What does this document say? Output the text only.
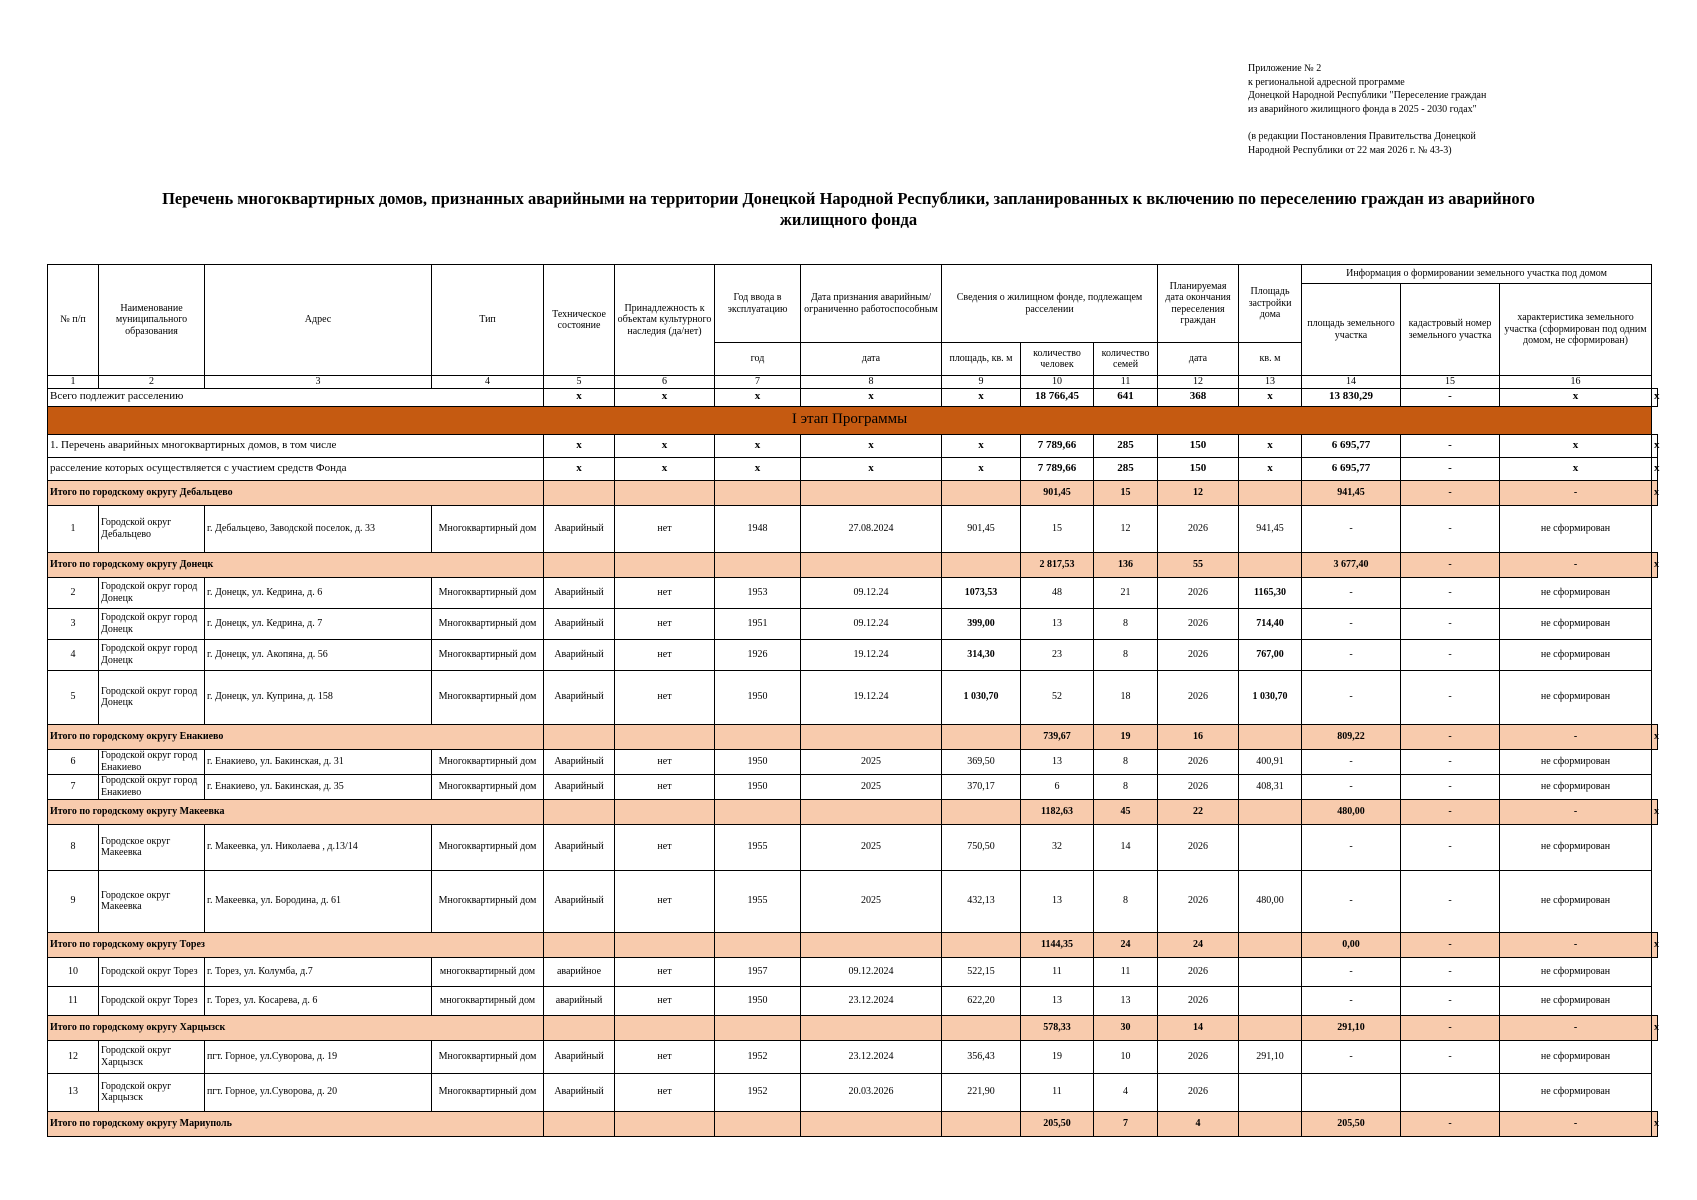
Приложение № 2
к региональной адресной программе
Донецкой Народной Республики "Переселение граждан
из аварийного жилищного фонда в 2025 - 2030 годах"
(в редакции Постановления Правительства Донецкой
Народной Республики от 22 мая 2026 г. № 43-3)
Перечень многоквартирных домов, признанных аварийными на территории Донецкой Народной Республики, запланированных к включению по переселению граждан из аварийного
жилищного фонда
№ п/п	Наименование муниципального образования	Адрес	Тип	Техническое состояние	Принадлежность к объектам культурного наследия (да/нет)	Год ввода в эксплуатацию	Дата признания аварийным/ограниченно работоспособным	Сведения о жилищном фонде, подлежащем расселении			Планируемая дата окончания переселения граждан	Площадь застройки дома	Информация о формировании земельного участка под домом			
													площадь земельного участка	кадастровый номер земельного участка	характеристика земельного участка (сформирован под одним домом, не сформирован)	
						год	дата	площадь, кв. м	количество человек	количество семей	дата	кв. м				
1	2	3	4	5	6	7	8	9	10	11	12	13	14	15	16	
Всего подлежит расселению				x	x	x	x	x	18 766,45	641	368	x	13 830,29	-	x	x
I этап Программы																
1. Перечень аварийных многоквартирных домов, в том числе				x	x	x	x	x	7 789,66	285	150	x	6 695,77	-	x	x
расселение которых осуществляется с участием средств Фонда				x	x	x	x	x	7 789,66	285	150	x	6 695,77	-	x	x
Итого по городскому округу Дебальцево									901,45	15	12		941,45	-	-	x
1	Городской округ Дебальцево	г. Дебальцево, Заводской поселок, д. 33	Многоквартирный дом	Аварийный	нет	1948	27.08.2024	901,45	15	12	2026	941,45	-	-	не сформирован	
Итого по городскому округу Донецк									2 817,53	136	55		3 677,40	-	-	x
2	Городской округ город Донецк	г. Донецк, ул. Кедрина, д. 6	Многоквартирный дом	Аварийный	нет	1953	09.12.24	1073,53	48	21	2026	1165,30	-	-	не сформирован	
3	Городской округ город Донецк	г. Донецк, ул. Кедрина, д. 7	Многоквартирный дом	Аварийный	нет	1951	09.12.24	399,00	13	8	2026	714,40	-	-	не сформирован	
4	Городской округ город Донецк	г. Донецк, ул. Акопяна, д. 56	Многоквартирный дом	Аварийный	нет	1926	19.12.24	314,30	23	8	2026	767,00	-	-	не сформирован	
5	Городской округ город Донецк	г. Донецк, ул. Куприна, д. 158	Многоквартирный дом	Аварийный	нет	1950	19.12.24	1 030,70	52	18	2026	1 030,70	-	-	не сформирован	
Итого по городскому округу Енакиево									739,67	19	16		809,22	-	-	x
6	Городской округ город Енакиево	г. Енакиево, ул. Бакинская, д. 31	Многоквартирный дом	Аварийный	нет	1950	2025	369,50	13	8	2026	400,91	-	-	не сформирован	
7	Городской округ город Енакиево	г. Енакиево, ул. Бакинская, д. 35	Многоквартирный дом	Аварийный	нет	1950	2025	370,17	6	8	2026	408,31	-	-	не сформирован	
Итого по городскому округу Макеевка									1182,63	45	22		480,00	-	-	x
8	Городское округ Макеевка	г. Макеевка, ул. Николаева , д.13/14	Многоквартирный дом	Аварийный	нет	1955	2025	750,50	32	14	2026		-	-	не сформирован	
9	Городское округ Макеевка	г. Макеевка, ул. Бородина, д. 61	Многоквартирный дом	Аварийный	нет	1955	2025	432,13	13	8	2026	480,00	-	-	не сформирован	
Итого по городскому округу Торез									1144,35	24	24		0,00	-	-	x
10	Городской округ Торез	г. Торез, ул. Колумба, д.7	многоквартирный дом	аварийное	нет	1957	09.12.2024	522,15	11	11	2026		-	-	не сформирован	
11	Городской округ Торез	г. Торез, ул. Косарева, д. 6	многоквартирный дом	аварийный	нет	1950	23.12.2024	622,20	13	13	2026		-	-	не сформирован	
Итого по городскому округу Харцызск									578,33	30	14		291,10	-	-	x
12	Городской округ Харцызск	пгт. Горное, ул.Суворова, д. 19	Многоквартирный дом	Аварийный	нет	1952	23.12.2024	356,43	19	10	2026	291,10	-	-	не сформирован	
13	Городской округ Харцызск	пгт. Горное, ул.Суворова, д. 20	Многоквартирный дом	Аварийный	нет	1952	20.03.2026	221,90	11	4	2026				не сформирован	
Итого по городскому округу Мариуполь									205,50	7	4		205,50	-	-	x
